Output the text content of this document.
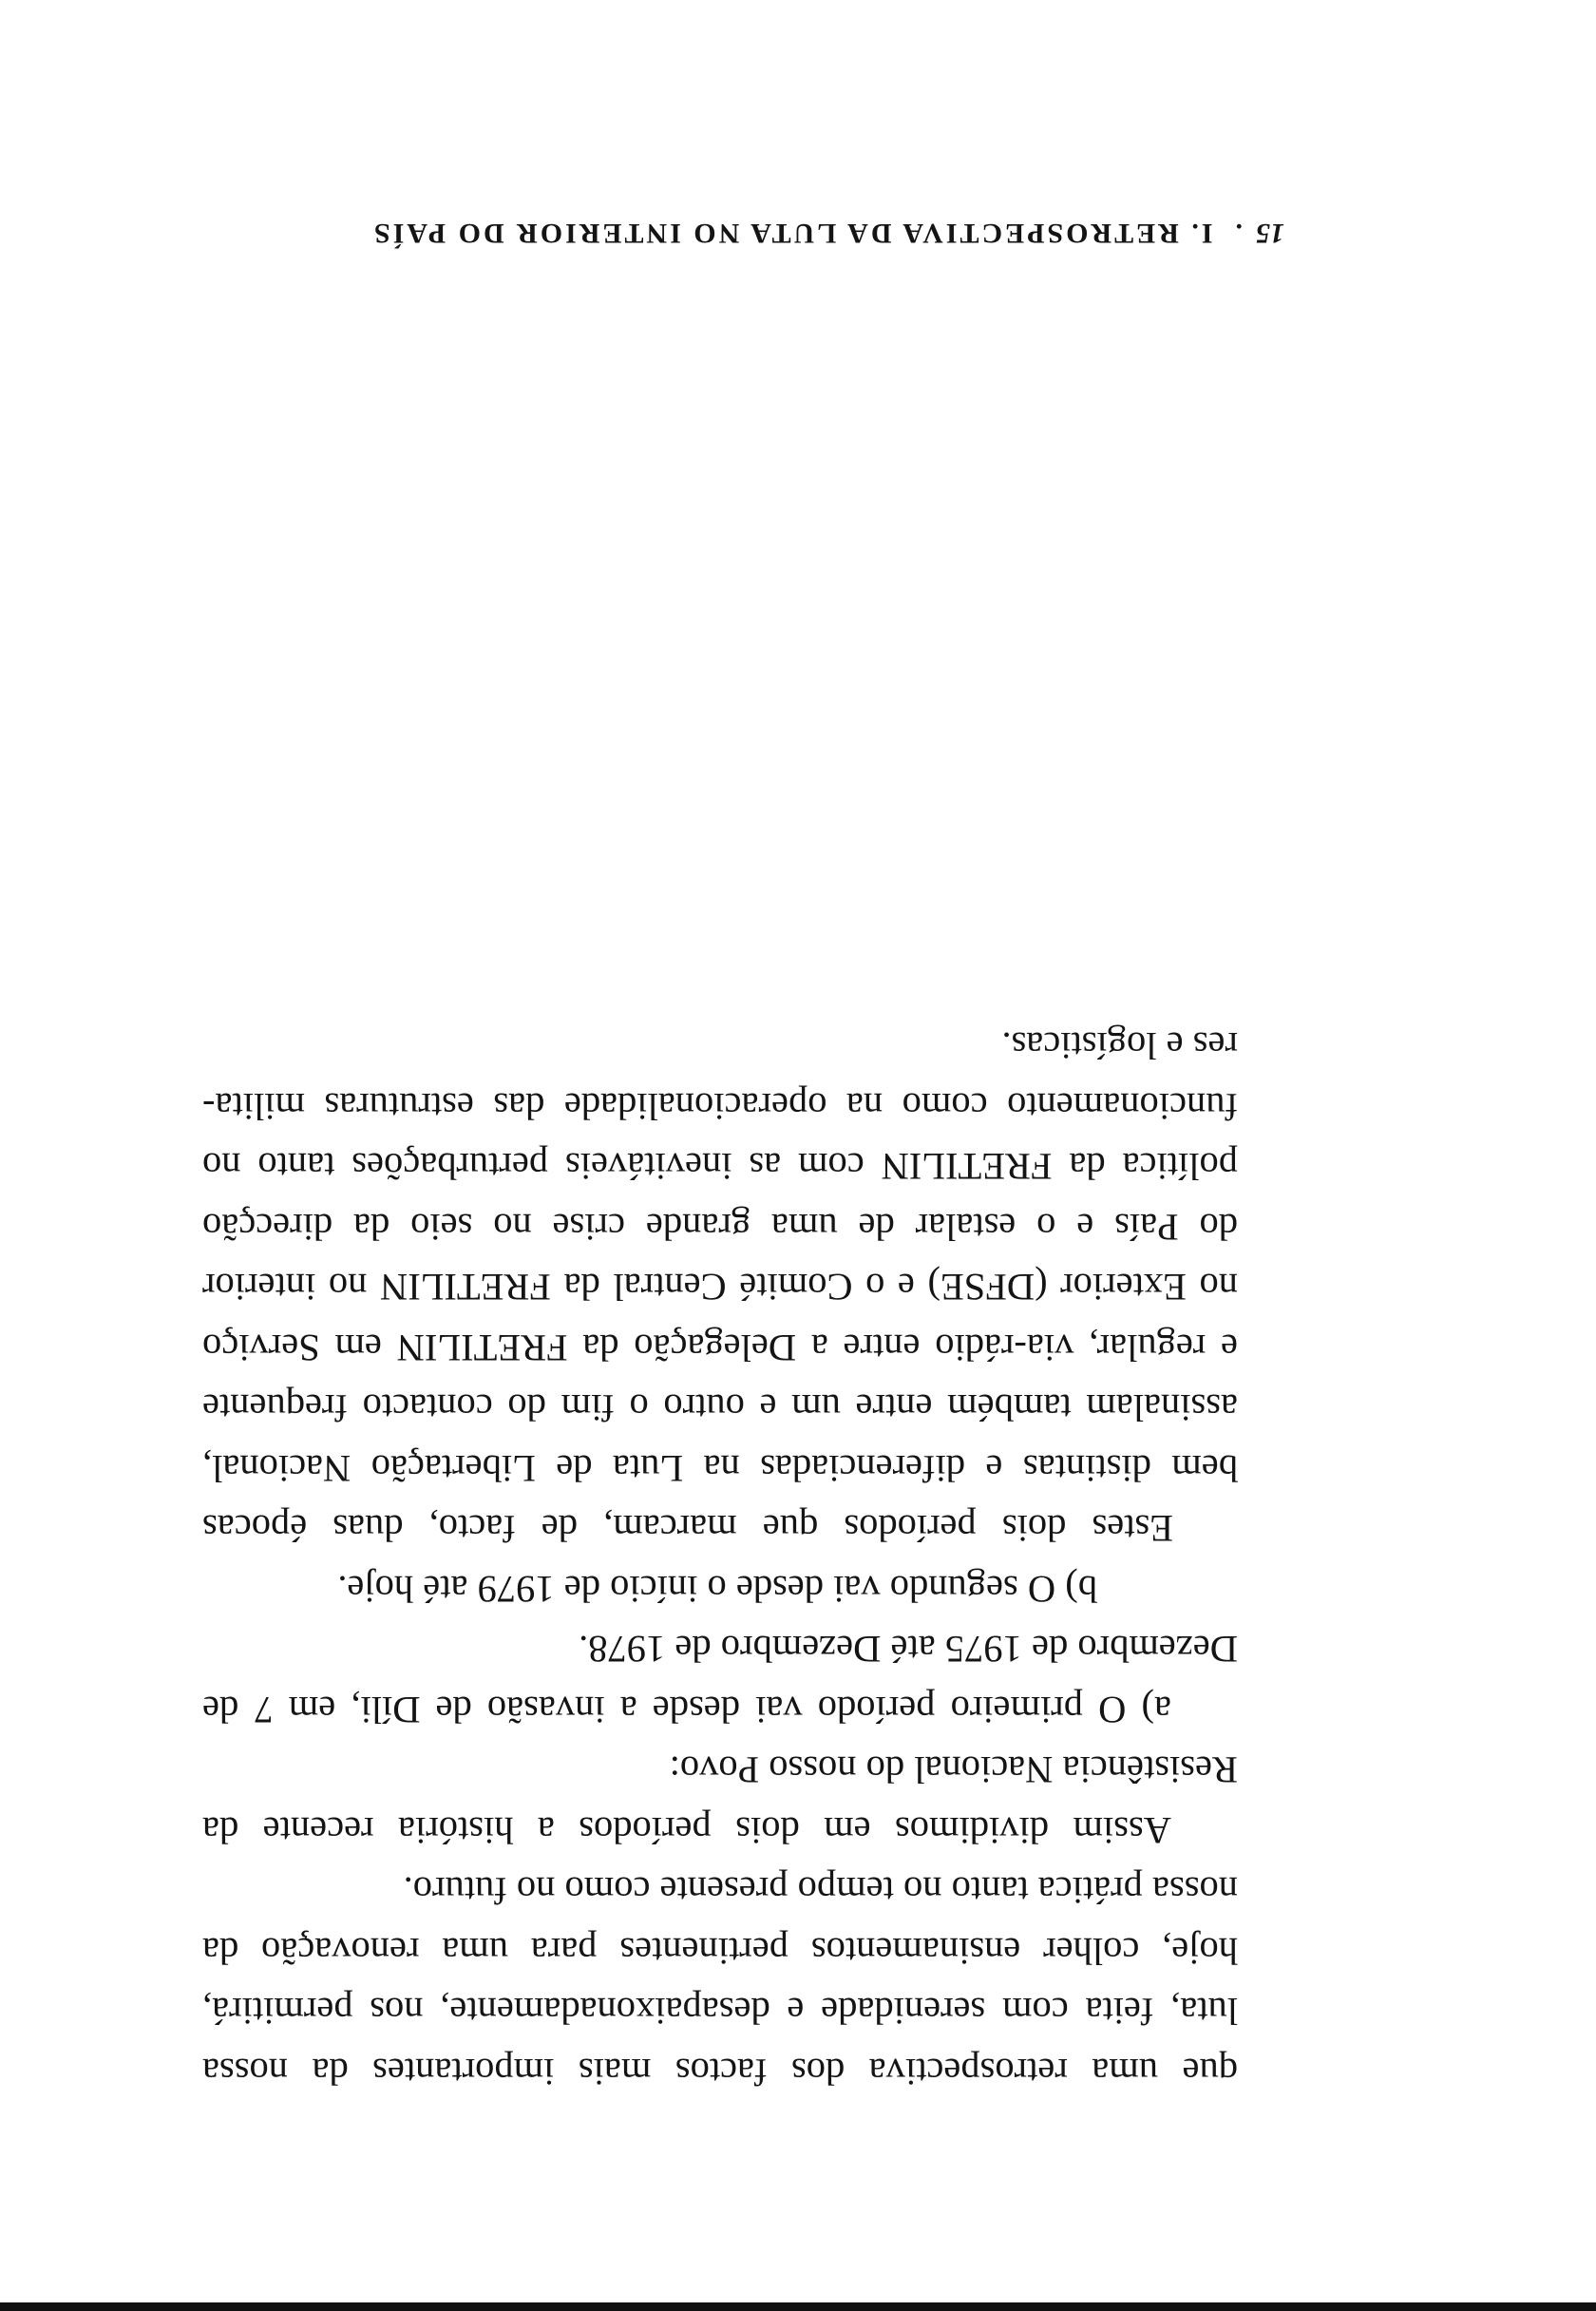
15.  I. RETROSPECTIVA DA LUTA NO INTERIOR DO PAÍS
que uma retrospectiva dos factos mais importantes da nossa
luta, feita com serenidade e desapaixonadamente, nos permitirá,
hoje, colher ensinamentos pertinentes para uma renovação da
nossa prática tanto no tempo presente como no futuro.
Assim dividimos em dois períodos a história recente da
Resistência Nacional do nosso Povo:
a) O primeiro período vai desde a invasão de Díli, em 7 de
Dezembro de 1975 até Dezembro de 1978.
b) O segundo vai desde o início de 1979 até hoje.
Estes dois períodos que marcam, de facto, duas épocas
bem distintas e diferenciadas na Luta de Libertação Nacional,
assinalam também entre um e outro o fim do contacto frequente
e regular, via-rádio entre a Delegação da FRETILIN em Serviço
no Exterior (DFSE) e o Comité Central da FRETILIN no interior
do País e o estalar de uma grande crise no seio da direcção
política da FRETILIN com as inevitáveis perturbações tanto no
funcionamento como na operacionalidade das estruturas milita-
res e logísticas.
